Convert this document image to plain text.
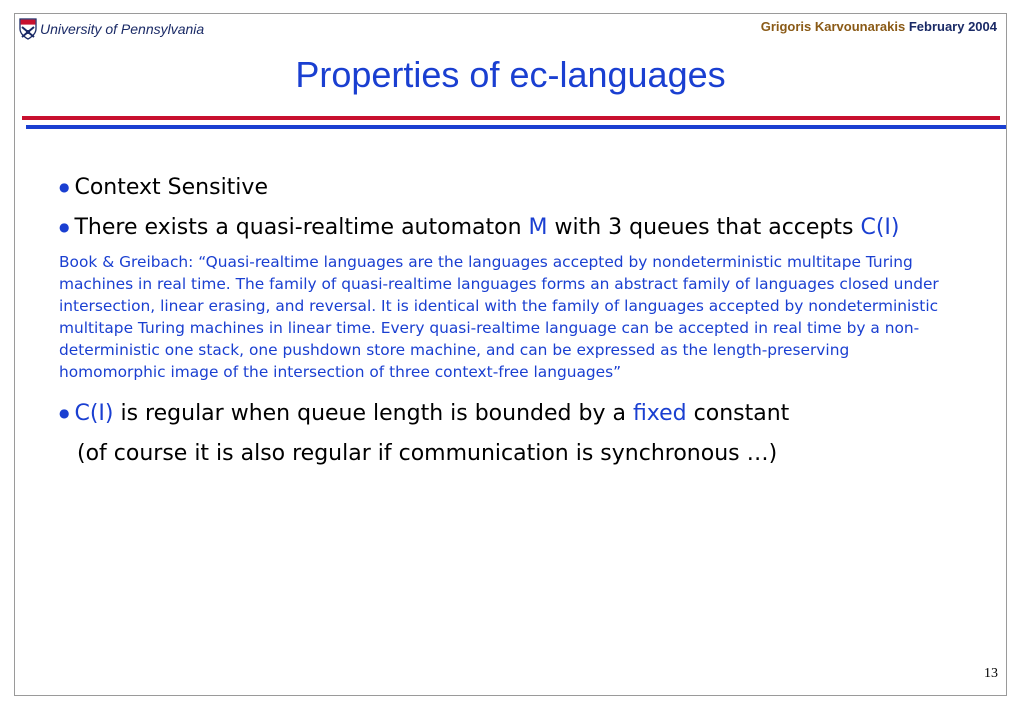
University of Pennsylvania	Grigoris Karvounarakis February 2004
Properties of ec-languages
● Context Sensitive
● There exists a quasi-realtime automaton M with 3 queues that accepts C(I)
Book & Greibach: “Quasi-realtime languages are the languages accepted by nondeterministic multitape Turing machines in real time. The family of quasi-realtime languages forms an abstract family of languages closed under intersection, linear erasing, and reversal. It is identical with the family of languages accepted by nondeterministic multitape Turing machines in linear time. Every quasi-realtime language can be accepted in real time by a non-deterministic one stack, one pushdown store machine, and can be expressed as the length-preserving homomorphic image of the intersection of three context-free languages”
● C(I) is regular when queue length is bounded by a fixed constant
(of course it is also regular if communication is synchronous …)
13
